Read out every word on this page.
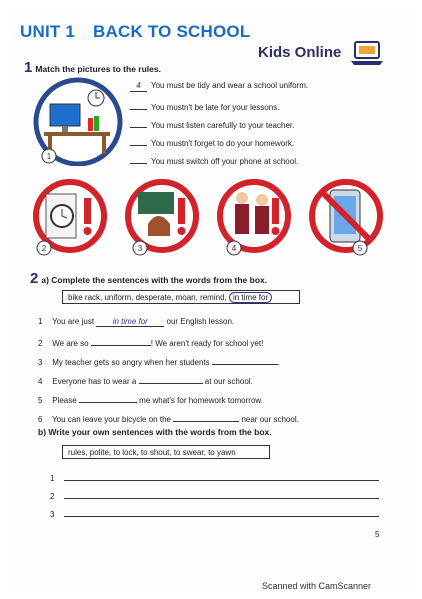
UNIT 1 BACK TO SCHOOL
Kids Online
1 Match the pictures to the rules.
1
4 You must be tidy and wear a school uniform.
You mustn't be late for your lessons.
You must listen carefully to your teacher.
You mustn't forget to do your homework.
You must switch off your phone at school.
2	3	4	5
2 a) Complete the sentences with the words from the box.
bike rack, uniform, desperate, moan, remind, in time for
1 You are just in time for our English lesson.
2 We are so	! We aren't ready for school yet!
3 My teacher gets so angry when her students	.
4 Everyone has to wear a	at our school.
5 Please	me what's for homework tomorrow.
6 You can leave your bicycle on the	near our school.
b) Write your own sentences with the words from the box.
rules, polite, to lock, to shout, to swear, to yawn
1
2
3
5
Scanned with CamScanner
